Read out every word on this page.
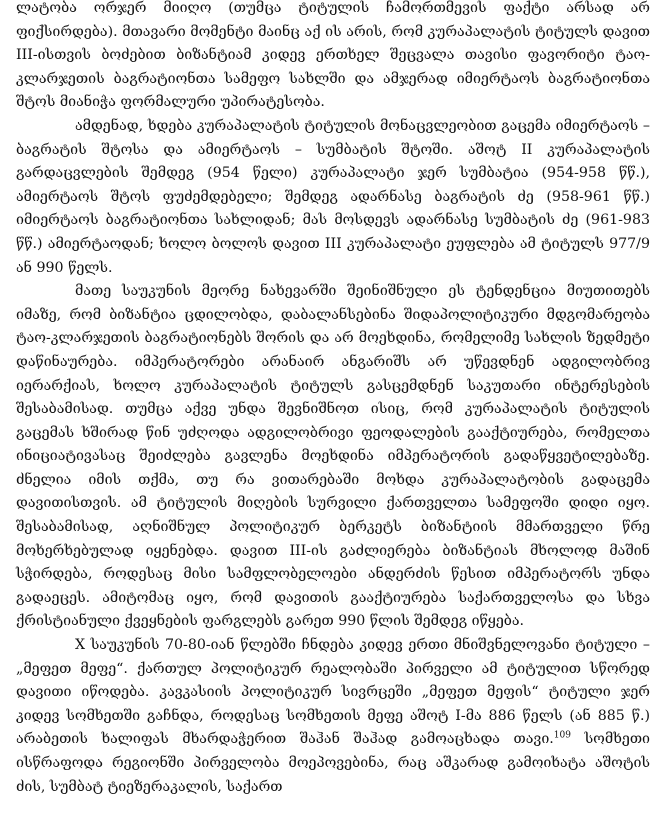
ლატობა ორჯერ მიიღო (თუმცა ტიტულის ჩამორთმევის ფაქტი არსად არ ფიქსირდება). მთავარი მომენტი მაინც აქ ის არის, რომ კურაპალატის ტიტულს დავით III-ისთვის ბოძებით ბიზანტიამ კიდევ ერთხელ შეცვალა თავისი ფავორიტი ტაო-კლარჯეთის ბაგრატიონთა სამეფო სახლში და ამჯერად იმიერტაოს ბაგრატიონთა შტოს მიანიჭა ფორმალური უპირატესობა.

ამდენად, ხდება კურაპალატის ტიტულის მონაცვლეობით გაცემა იმიერტაოს – ბაგრატის შტოსა და ამიერტაოს – სუმბატის შტოში. აშოტ II კურაპალატის გარდაცვლების შემდეგ (954 წელი) კურაპალატი ჯერ სუმბატია (954-958 წწ.), ამიერტაოს შტოს ფუძემდებელი; შემდეგ ადარნასე ბაგრატის ძე (958-961 წწ.) იმიერტაოს ბაგრატიონთა სახლიდან; მას მოსდევს ადარნასე სუმბატის ძე (961-983 წწ.) ამიერტაოდან; ხოლო ბოლოს დავით III კურაპალატი ეუფლება ამ ტიტულს 977/9 ან 990 წელს.

მათე საუკუნის მეორე ნახევარში შეინიშნული ეს ტენდენცია მიუთითებს იმაზე, რომ ბიზანტია ცდილობდა, დაბალანსებინა შიდაპოლიტიკური მდგომარეობა ტაო-კლარჯეთის ბაგრატიონებს შორის და არ მოეხდინა, რომელიმე სახლის ზედმეტი დაწინაურება. იმპერატორები არანაირ ანგარიშს არ უწევდნენ ადგილობრივ იერარქიას, ხოლო კურაპალატის ტიტულს გასცემდნენ საკუთარი ინტერესების შესაბამისად. თუმცა აქვე უნდა შევნიშნოთ ისიც, რომ კურაპალატის ტიტულის გაცემას ხშირად წინ უძღოდა ადგილობრივი ფეოდალების გააქტიურება, რომელთა ინიციატივასაც შეიძლება გავლენა მოეხდინა იმპერატორის გადაწყვეტილებაზე. ძნელია იმის თქმა, თუ რა ვითარებაში მოხდა კურაპალატობის გადაცემა დავითისთვის. ამ ტიტულის მიღების სურვილი ქართველთა სამეფოში დიდი იყო. შესაბამისად, აღნიშნულ პოლიტიკურ ბერკეტს ბიზანტიის მმართველი წრე მოხერხებულად იყენებდა. დავით III-ის გაძლიერება ბიზანტიას მხოლოდ მაშინ სჭირდება, როდესაც მისი სამფლობელოები ანდერძის წესით იმპერატორს უნდა გადაეცეს. ამიტომაც იყო, რომ დავითის გააქტიურება საქართველოსა და სხვა ქრისტიანული ქვეყნების ფარგლებს გარეთ 990 წლის შემდეგ იწყება.

X საუკუნის 70-80-იან წლებში ჩნდება კიდევ ერთი მნიშვნელოვანი ტიტული – „მეფეთ მეფე“. ქართულ პოლიტიკურ რეალობაში პირველი ამ ტიტულით სწორედ დავითი იწოდება. კავკასიის პოლიტიკურ სივრცეში „მეფეთ მეფის“ ტიტული ჯერ კიდევ სომხეთში გაჩნდა, როდესაც სომხეთის მეფე აშოტ I-მა 886 წელს (ან 885 წ.) არაბეთის ხალიფას მხარდაჭერით შაჰან შაჰად გამოაცხადა თავი.$^{109}$ სომხეთი ისწრაფოდა რეგიონში პირველობა მოეპოვებინა, რაც აშკარად გამოიხატა აშოტის ძის, სუმბატ ტიეზერაკალის, საქართ
